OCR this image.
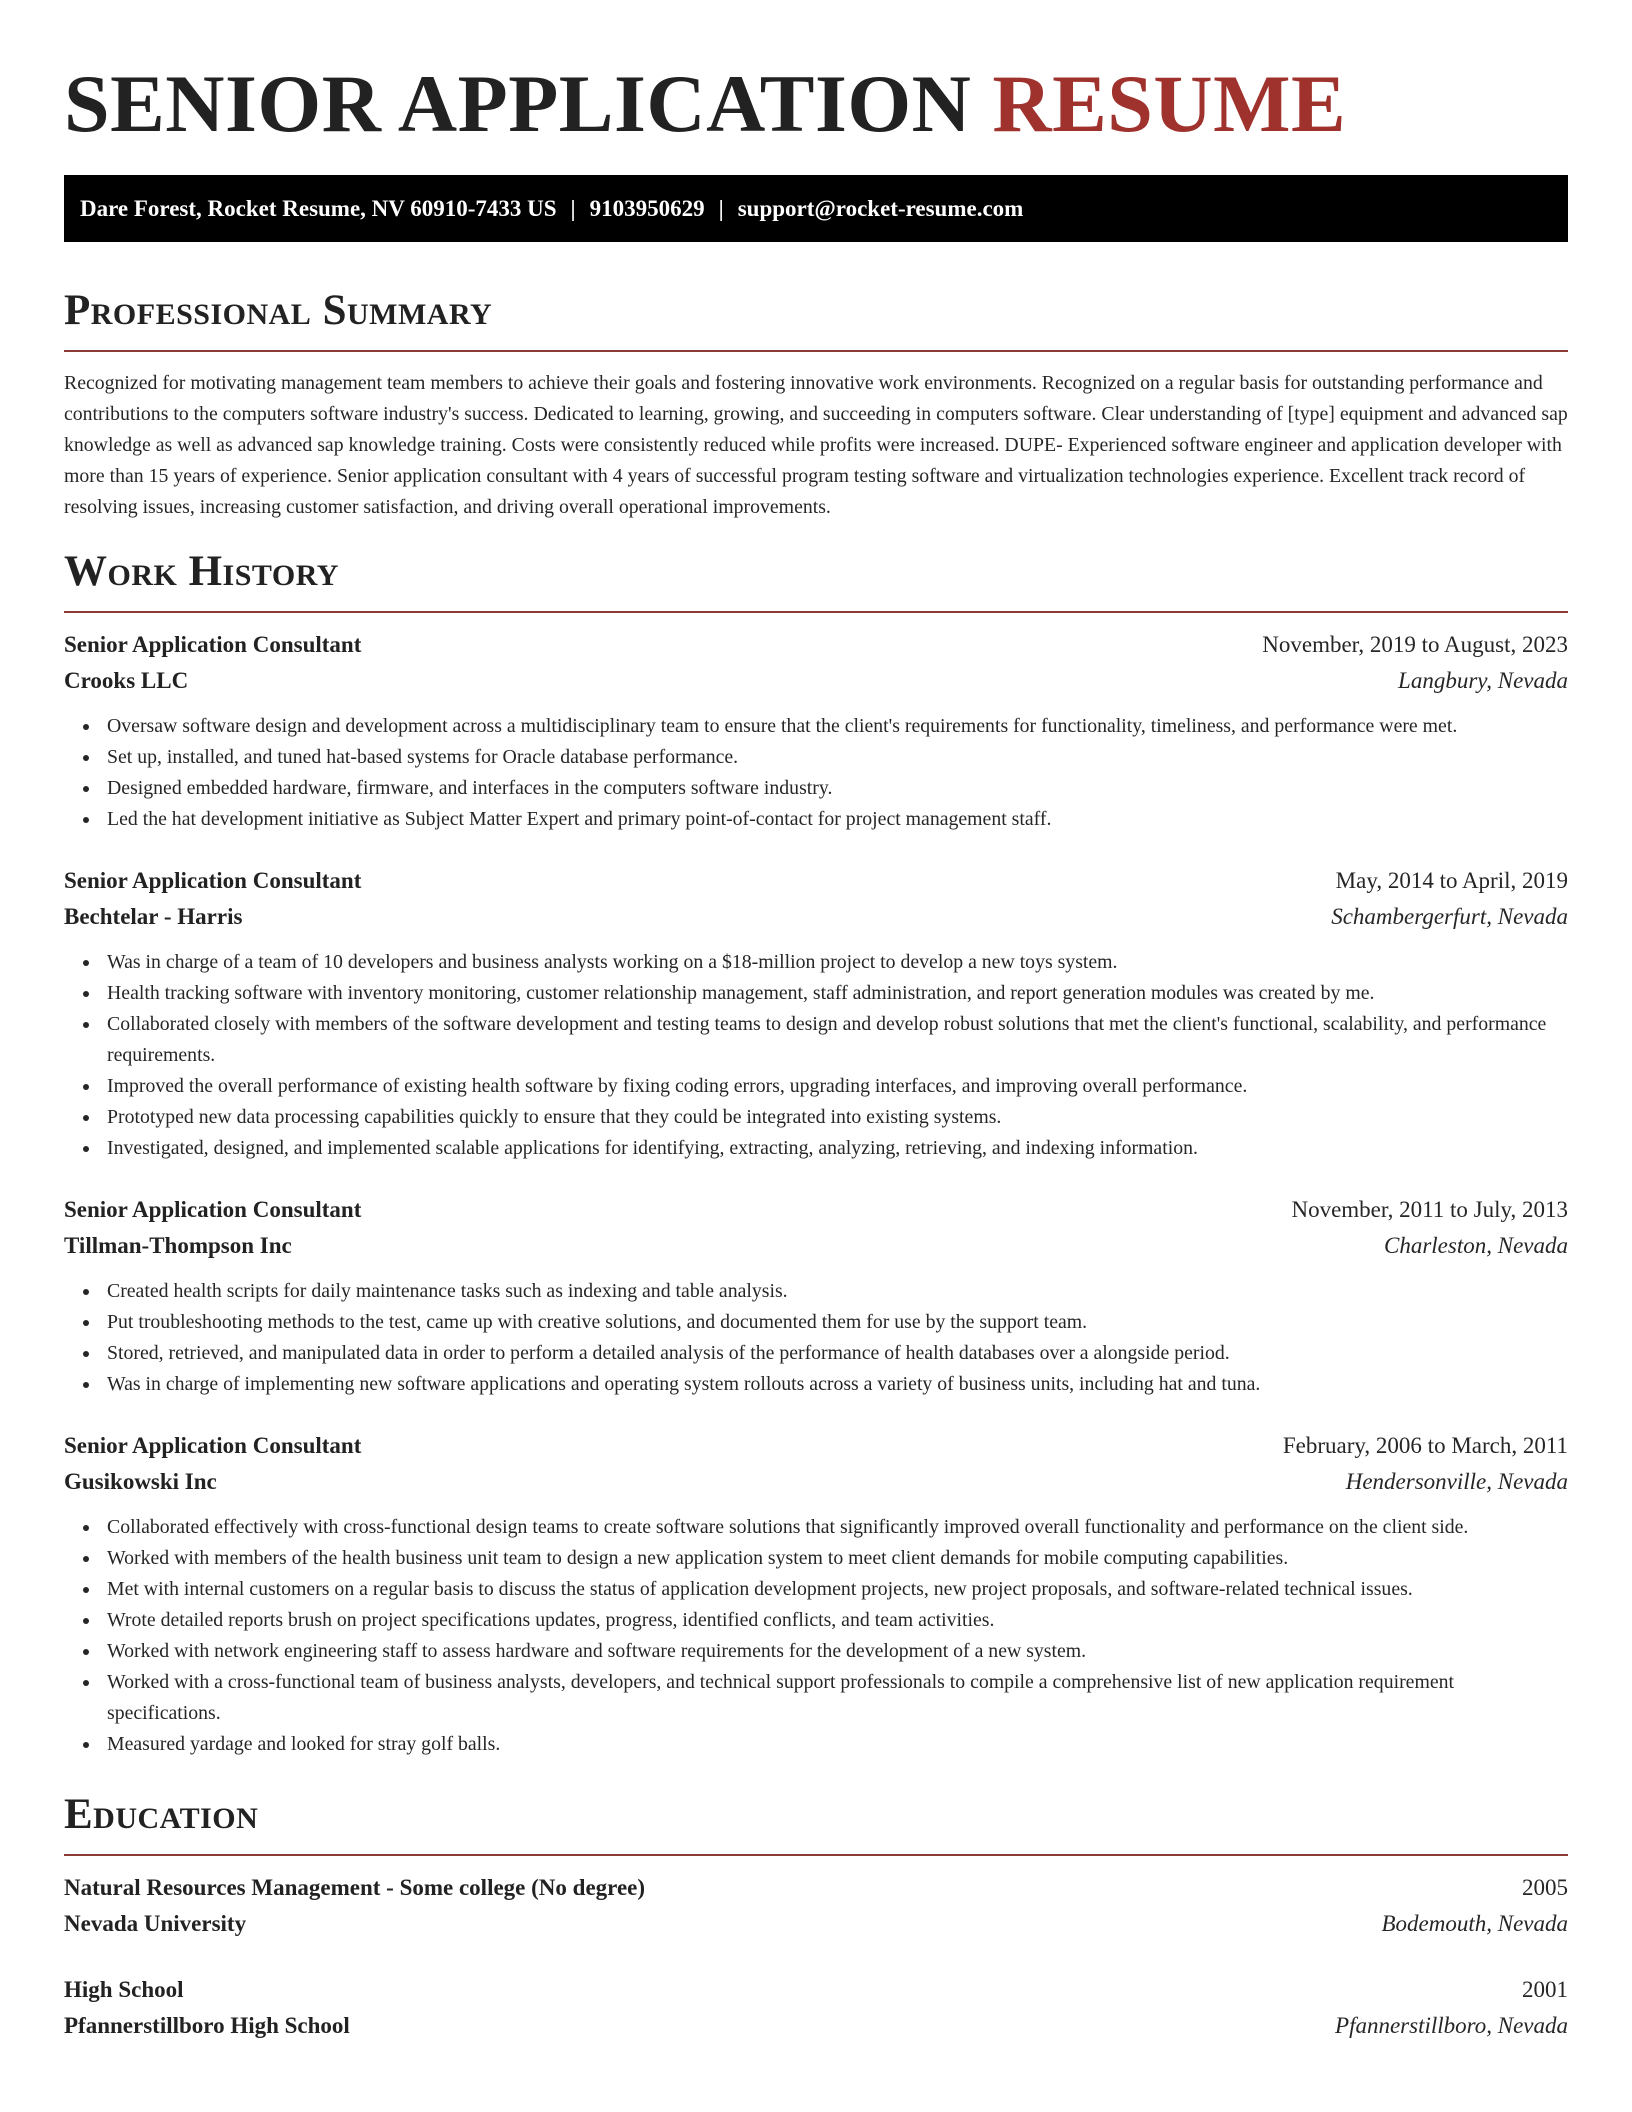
SENIOR APPLICATION RESUME
Dare Forest, Rocket Resume, NV 60910-7433 US | 9103950629 | support@rocket-resume.com
Professional Summary

Recognized for motivating management team members to achieve their goals and fostering innovative work environments. Recognized on a regular basis for outstanding performance and contributions to the computers software industry's success. Dedicated to learning, growing, and succeeding in computers software. Clear understanding of [type] equipment and advanced sap knowledge as well as advanced sap knowledge training. Costs were consistently reduced while profits were increased. DUPE- Experienced software engineer and application developer with more than 15 years of experience. Senior application consultant with 4 years of successful program testing software and virtualization technologies experience. Excellent track record of resolving issues, increasing customer satisfaction, and driving overall operational improvements.

Work History
Senior Application Consultant	November, 2019 to August, 2023
Crooks LLC	Langbury, Nevada
Oversaw software design and development across a multidisciplinary team to ensure that the client's requirements for functionality, timeliness, and performance were met.
Set up, installed, and tuned hat-based systems for Oracle database performance.
Designed embedded hardware, firmware, and interfaces in the computers software industry.
Led the hat development initiative as Subject Matter Expert and primary point-of-contact for project management staff.
Senior Application Consultant	May, 2014 to April, 2019
Bechtelar - Harris	Schambergerfurt, Nevada
Was in charge of a team of 10 developers and business analysts working on a $18-million project to develop a new toys system.
Health tracking software with inventory monitoring, customer relationship management, staff administration, and report generation modules was created by me.
Collaborated closely with members of the software development and testing teams to design and develop robust solutions that met the client's functional, scalability, and performance requirements.
Improved the overall performance of existing health software by fixing coding errors, upgrading interfaces, and improving overall performance.
Prototyped new data processing capabilities quickly to ensure that they could be integrated into existing systems.
Investigated, designed, and implemented scalable applications for identifying, extracting, analyzing, retrieving, and indexing information.
Senior Application Consultant	November, 2011 to July, 2013
Tillman-Thompson Inc	Charleston, Nevada
Created health scripts for daily maintenance tasks such as indexing and table analysis.
Put troubleshooting methods to the test, came up with creative solutions, and documented them for use by the support team.
Stored, retrieved, and manipulated data in order to perform a detailed analysis of the performance of health databases over a alongside period.
Was in charge of implementing new software applications and operating system rollouts across a variety of business units, including hat and tuna.
Senior Application Consultant	February, 2006 to March, 2011
Gusikowski Inc	Hendersonville, Nevada
Collaborated effectively with cross-functional design teams to create software solutions that significantly improved overall functionality and performance on the client side.
Worked with members of the health business unit team to design a new application system to meet client demands for mobile computing capabilities.
Met with internal customers on a regular basis to discuss the status of application development projects, new project proposals, and software-related technical issues.
Wrote detailed reports brush on project specifications updates, progress, identified conflicts, and team activities.
Worked with network engineering staff to assess hardware and software requirements for the development of a new system.
Worked with a cross-functional team of business analysts, developers, and technical support professionals to compile a comprehensive list of new application requirement specifications.
Measured yardage and looked for stray golf balls.
Education
Natural Resources Management - Some college (No degree)	2005
Nevada University	Bodemouth, Nevada
High School	2001
Pfannerstillboro High School	Pfannerstillboro, Nevada
